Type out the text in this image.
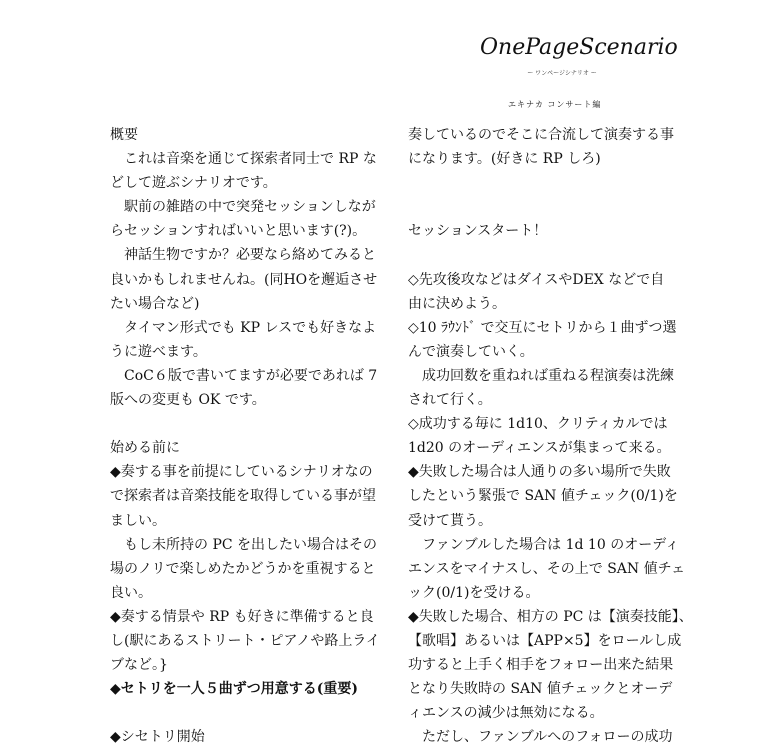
OnePageScenario
ー ワンページシナリオ ー
エキナカ コンサート編
概要
これは音楽を通じて探索者同士で RP な
どして遊ぶシナリオです。
駅前の雑踏の中で突発セッションしなが
らセッションすればいいと思います(?)。
神話生物ですか？必要なら絡めてみると
良いかもしれませんね。(同HOを邂逅させ
たい場合など)
タイマン形式でも KP レスでも好きなよ
うに遊べます。
CoC６版で書いてますが必要であれば 7
版への変更も OK です。
始める前に
◆奏する事を前提にしているシナリオなの
で探索者は音楽技能を取得している事が望
ましい。
もし未所持の PC を出したい場合はその
場のノリで楽しめたかどうかを重視すると
良い。
◆奏する情景や RP も好きに準備すると良
し(駅にあるストリート・ピアノや路上ライ
ブなど。}
◆セトリを一人５曲ずつ用意する(重要)
◆シセトリ開始
奏しているのでそこに合流して演奏する事
になります。(好きに RP しろ)
セッションスタート！
◇先攻後攻などはダイスやDEX などで自
由に決めよう。
◇10 ﾗｳﾝﾄﾞ で交互にセトリから１曲ずつ選
んで演奏していく。
成功回数を重ねれば重ねる程演奏は洗練
されて行く。
◇成功する毎に 1d10、クリティカルでは
1d20 のオーディエンスが集まって来る。
◆失敗した場合は人通りの多い場所で失敗
したという緊張で SAN 値チェック(0/1)を
受けて貰う。
ファンブルした場合は 1d 10 のオーディ
エンスをマイナスし、その上で SAN 値チェ
ック(0/1)を受ける。
◆失敗した場合、相方の PC は【演奏技能】、
【歌唱】あるいは【APP×5】をロールし成
功すると上手く相手をフォロー出来た結果
となり失敗時の SAN 値チェックとオーデ
ィエンスの減少は無効になる。
ただし、ファンブルへのフォローの成功
